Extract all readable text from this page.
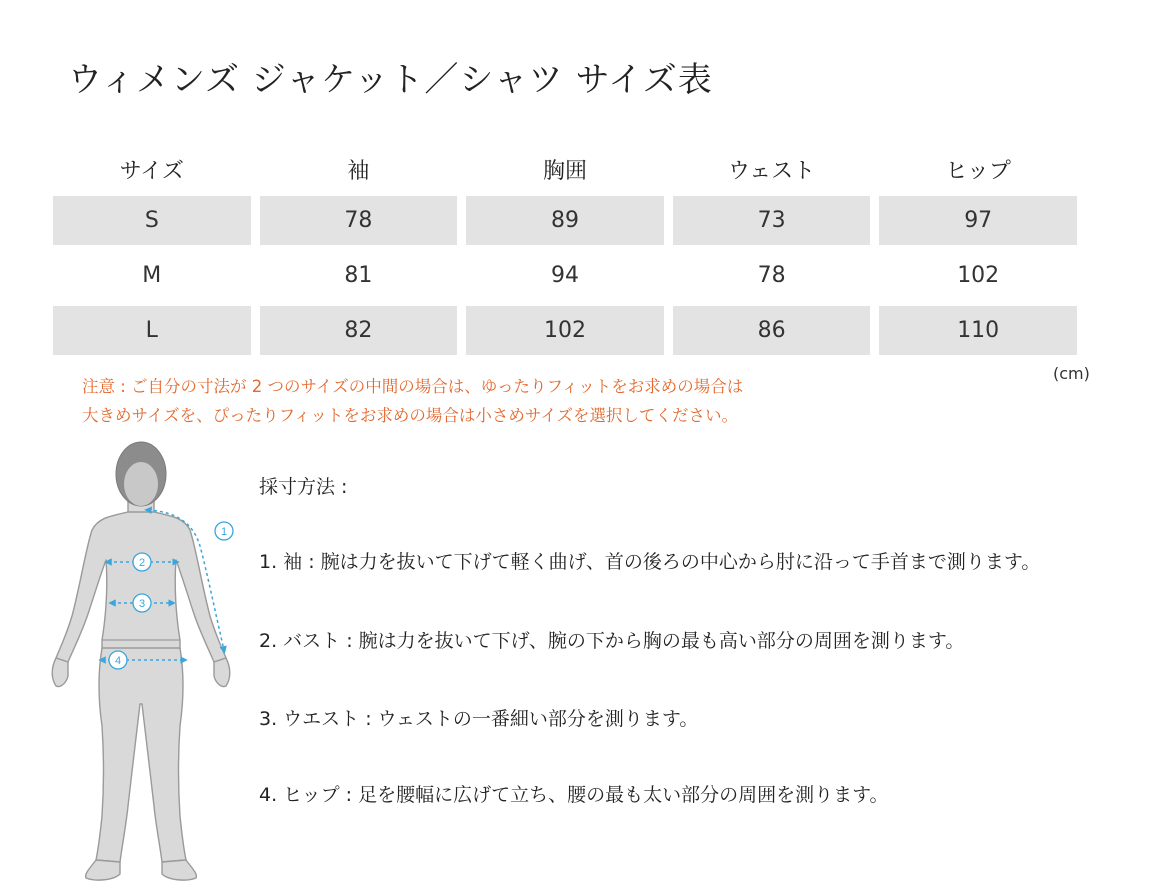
ウィメンズ ジャケット／シャツ サイズ表
サイズ	袖	胸囲	ウェスト	ヒップ
S	78	89	73	97
M	81	94	78	102
L	82	102	86	110
(cm)
注意 : ご自分の寸法が 2 つのサイズの中間の場合は、ゆったりフィットをお求めの場合は
大きめサイズを、ぴったりフィットをお求めの場合は小さめサイズを選択してください。
1
2
3
4
採寸方法 :
1. 袖 : 腕は力を抜いて下げて軽く曲げ、首の後ろの中心から肘に沿って手首まで測ります。
2. バスト : 腕は力を抜いて下げ、腕の下から胸の最も高い部分の周囲を測ります。
3. ウエスト : ウェストの一番細い部分を測ります。
4. ヒップ : 足を腰幅に広げて立ち、腰の最も太い部分の周囲を測ります。
